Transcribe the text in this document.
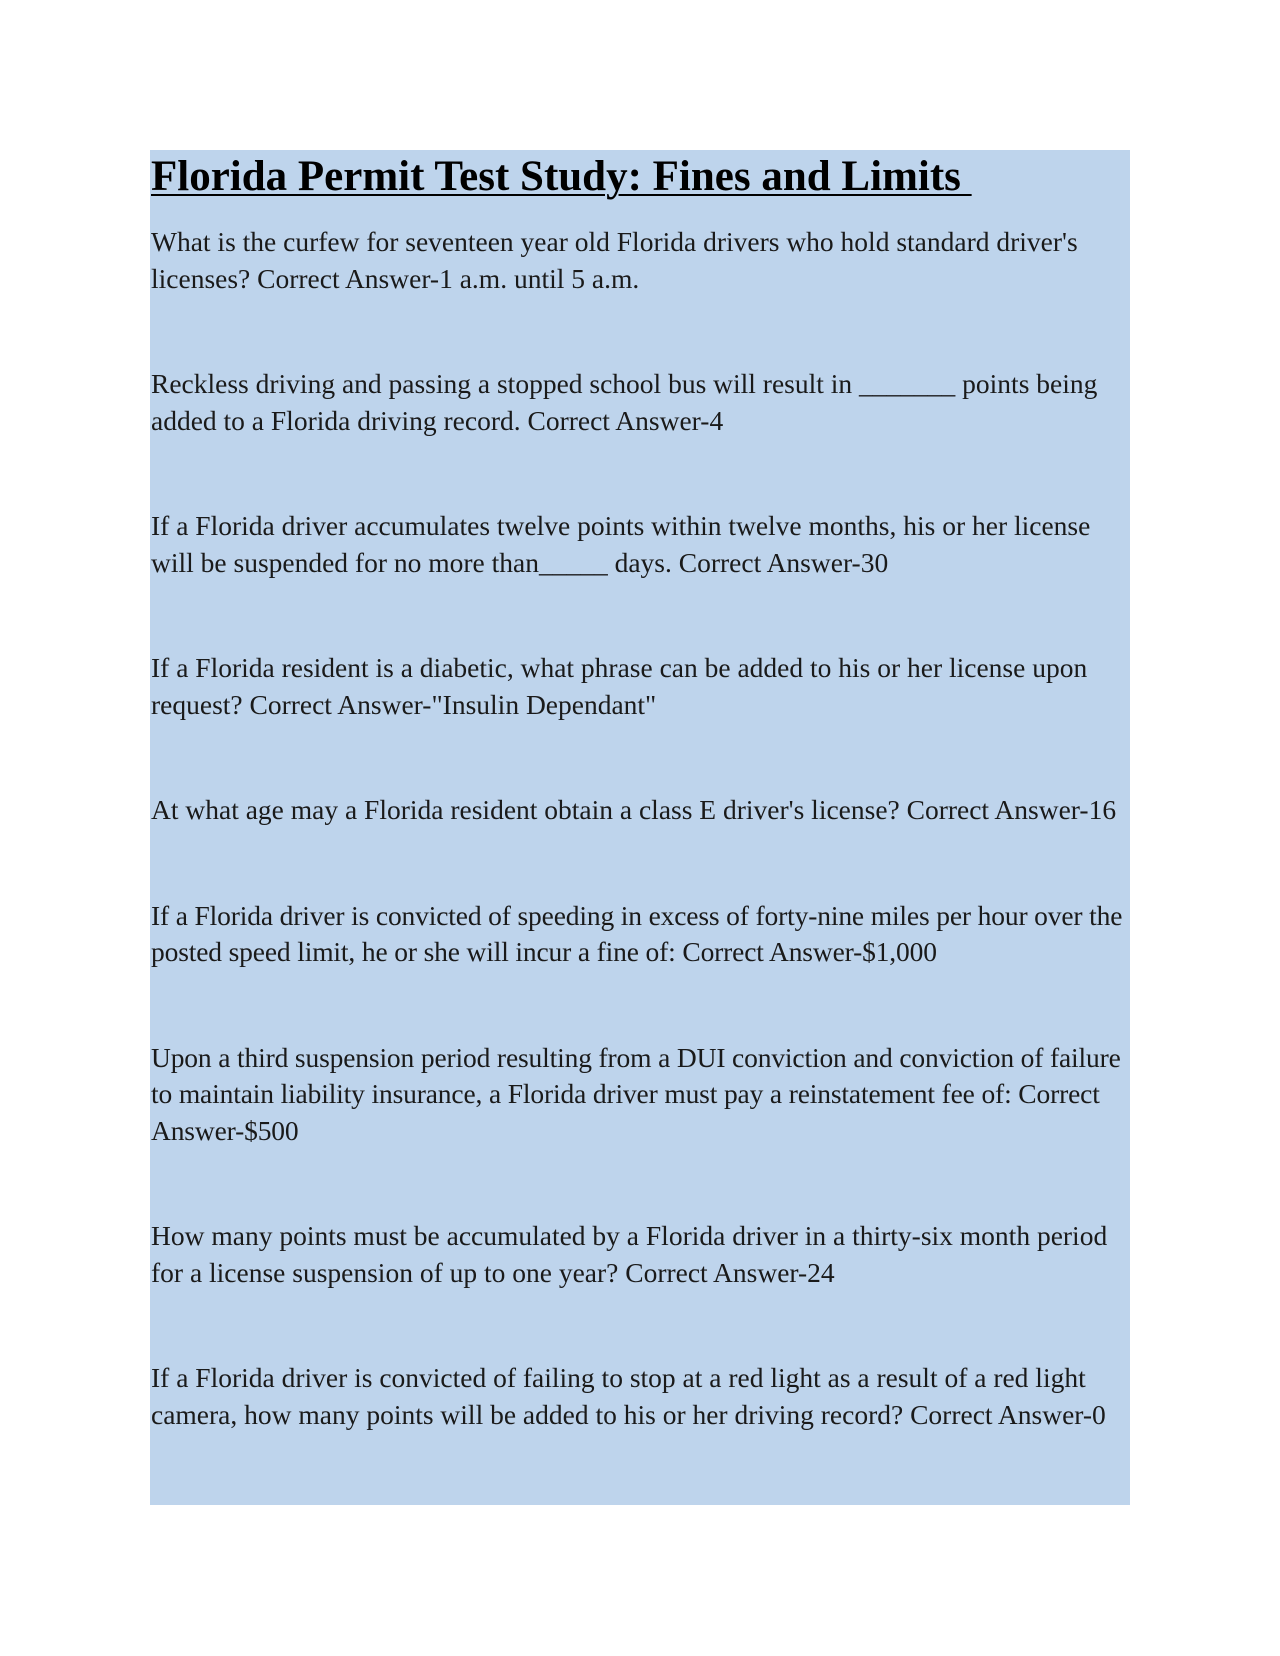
Florida Permit Test Study: Fines and Limits

What is the curfew for seventeen year old Florida drivers who hold standard driver's licenses? Correct Answer-1 a.m. until 5 a.m.

Reckless driving and passing a stopped school bus will result in _______ points being added to a Florida driving record. Correct Answer-4

If a Florida driver accumulates twelve points within twelve months, his or her license will be suspended for no more than_____ days. Correct Answer-30

If a Florida resident is a diabetic, what phrase can be added to his or her license upon request? Correct Answer-"Insulin Dependant"

At what age may a Florida resident obtain a class E driver's license? Correct Answer-16

If a Florida driver is convicted of speeding in excess of forty-nine miles per hour over the posted speed limit, he or she will incur a fine of: Correct Answer-$1,000

Upon a third suspension period resulting from a DUI conviction and conviction of failure to maintain liability insurance, a Florida driver must pay a reinstatement fee of: Correct Answer-$500

How many points must be accumulated by a Florida driver in a thirty-six month period for a license suspension of up to one year? Correct Answer-24

If a Florida driver is convicted of failing to stop at a red light as a result of a red light camera, how many points will be added to his or her driving record? Correct Answer-0
